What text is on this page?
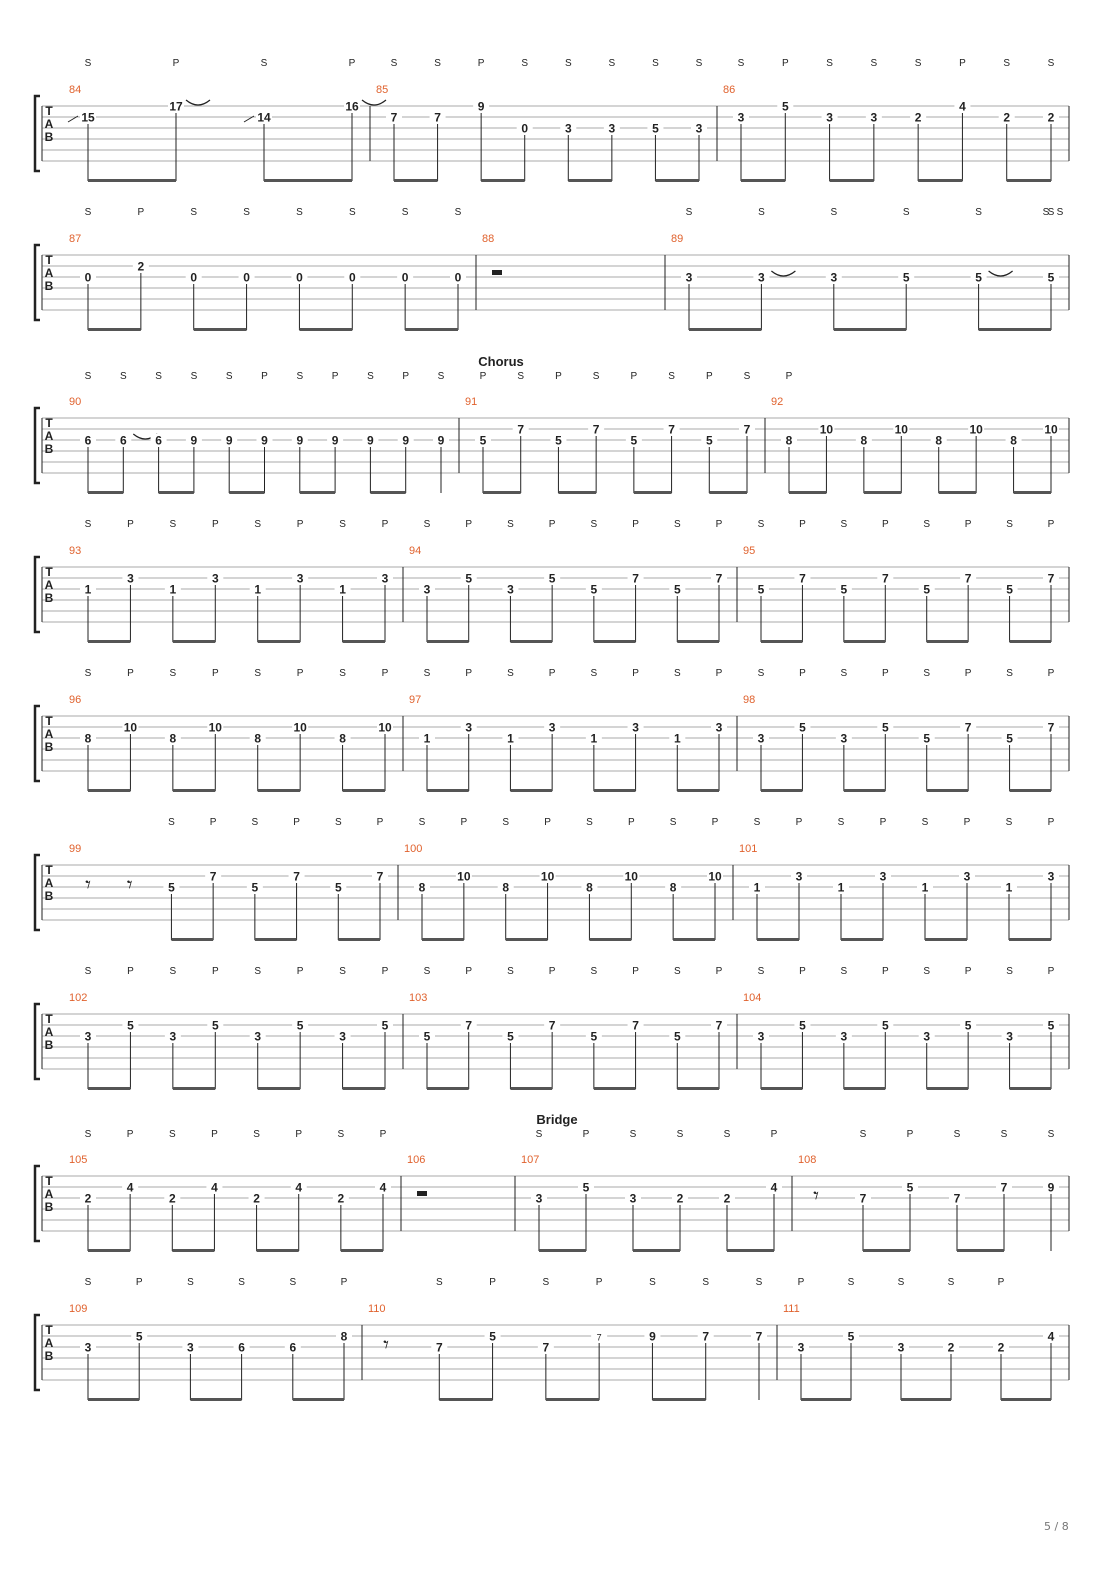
T
A
B
84
15
17
14
16
85
7	7
9
0	3	3	5	3
86
3
5
3	3	2
4
2	2
S	P	S	P	S	S	P	S	S	S	S	S	S	P	S	S	S	P	S	S
T
A
B
87
0
2
0	0	0	0	0	0
88	89
3	3	3	5	5	5
S	P	S	S	S	S	S	S	S	S	S	S	S	S
S S
T
A
B
Chorus
90
6 6 6 9 9 9 9 9 9 9 9
91
5
7
5
7
5
7
5
7
92
8
10
8
10
8
10
8
10
S	S	S	S	S	P	S	P	S	P	S	P	S	P	S	P	S	P	S	P
T
A
B
93
1
3
1
3
1
3
1
3
94
3
5
3
5
5
7
5
7
95
5
7
5
7
5
7
5
7
S	P	S	P	S	P	S	P	S	P	S	P	S	P	S	P	S	P	S	P	S	P	S	P
T
A
B
96
8
10
8
10
8
10
8
10
97
1
3
1
3
1
3
1
3
98
3
5
3
5
5
7
5
7
S	P	S	P	S	P	S	P	S	P	S	P	S	P	S	P	S	P	S	P	S	P	S	P
T
A
B
99
𝄾 𝄾	5
7
5
7
5
7
100
8
10
8
10
8
10
8
10
101
1
3
1
3
1
3
1
3
S	P	S	P	S	P	S	P	S	P	S	P	S	P	S	P	S	P	S	P	S	P
T
A
B
102
3
5
3
5
3
5
3
5
103
5
7
5
7
5
7
5
7
104
3
5
3
5
3
5
3
5
S	P	S	P	S	P	S	P	S	P	S	P	S	P	S	P	S	P	S	P	S	P	S	P
T
A
B
Bridge
105
2
4
2
4
2
4
2
4
106	107
3
5
3	2	2
4
108
𝄾	7
5
7
7	9
S	P	S	P	S	P	S	P	S	P	S	S	S	P	S	P	S	S	S
T
A
B
109
3
5
3	6	6
8
110
𝄾	7
5
7
7	9	7	7
111
3
5
3	2	2
4
S	P	S	S	S	P	S	P	S	P	S	S	S	P	S	S	S	P
5 / 8
